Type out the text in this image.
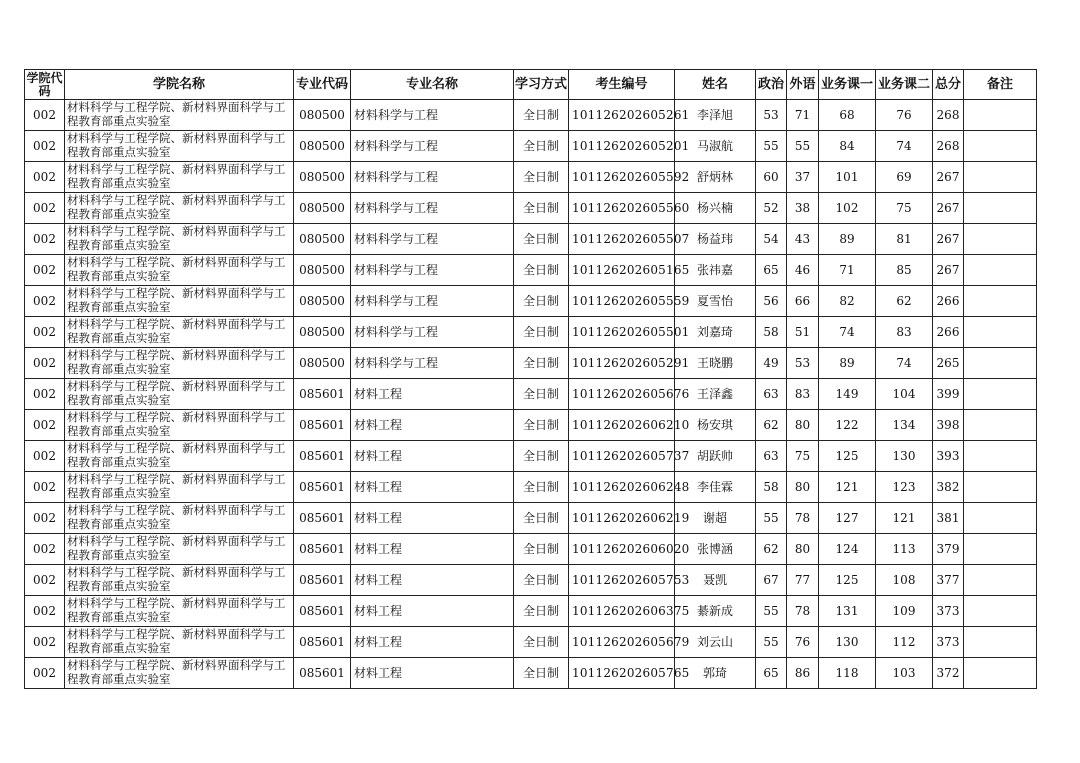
学院代码	学院名称	专业代码	专业名称	学习方式	考生编号	姓名	政治	外语	业务课一	业务课二	总分	备注
002	材料科学与工程学院、新材料界面科学与工程教育部重点实验室	080500	材料科学与工程	全日制	101126202605261	李泽旭	53	71	68	76	268	
002	材料科学与工程学院、新材料界面科学与工程教育部重点实验室	080500	材料科学与工程	全日制	101126202605201	马淑航	55	55	84	74	268	
002	材料科学与工程学院、新材料界面科学与工程教育部重点实验室	080500	材料科学与工程	全日制	101126202605592	舒炳林	60	37	101	69	267	
002	材料科学与工程学院、新材料界面科学与工程教育部重点实验室	080500	材料科学与工程	全日制	101126202605560	杨兴楠	52	38	102	75	267	
002	材料科学与工程学院、新材料界面科学与工程教育部重点实验室	080500	材料科学与工程	全日制	101126202605507	杨益玮	54	43	89	81	267	
002	材料科学与工程学院、新材料界面科学与工程教育部重点实验室	080500	材料科学与工程	全日制	101126202605165	张祎嘉	65	46	71	85	267	
002	材料科学与工程学院、新材料界面科学与工程教育部重点实验室	080500	材料科学与工程	全日制	101126202605559	夏雪怡	56	66	82	62	266	
002	材料科学与工程学院、新材料界面科学与工程教育部重点实验室	080500	材料科学与工程	全日制	101126202605501	刘嘉琦	58	51	74	83	266	
002	材料科学与工程学院、新材料界面科学与工程教育部重点实验室	080500	材料科学与工程	全日制	101126202605291	王晓鹏	49	53	89	74	265	
002	材料科学与工程学院、新材料界面科学与工程教育部重点实验室	085601	材料工程	全日制	101126202605676	王泽鑫	63	83	149	104	399	
002	材料科学与工程学院、新材料界面科学与工程教育部重点实验室	085601	材料工程	全日制	101126202606210	杨安琪	62	80	122	134	398	
002	材料科学与工程学院、新材料界面科学与工程教育部重点实验室	085601	材料工程	全日制	101126202605737	胡跃帅	63	75	125	130	393	
002	材料科学与工程学院、新材料界面科学与工程教育部重点实验室	085601	材料工程	全日制	101126202606248	李佳霖	58	80	121	123	382	
002	材料科学与工程学院、新材料界面科学与工程教育部重点实验室	085601	材料工程	全日制	101126202606219	谢超	55	78	127	121	381	
002	材料科学与工程学院、新材料界面科学与工程教育部重点实验室	085601	材料工程	全日制	101126202606020	张博涵	62	80	124	113	379	
002	材料科学与工程学院、新材料界面科学与工程教育部重点实验室	085601	材料工程	全日制	101126202605753	聂凯	67	77	125	108	377	
002	材料科学与工程学院、新材料界面科学与工程教育部重点实验室	085601	材料工程	全日制	101126202606375	綦新成	55	78	131	109	373	
002	材料科学与工程学院、新材料界面科学与工程教育部重点实验室	085601	材料工程	全日制	101126202605679	刘云山	55	76	130	112	373	
002	材料科学与工程学院、新材料界面科学与工程教育部重点实验室	085601	材料工程	全日制	101126202605765	郭琦	65	86	118	103	372	
